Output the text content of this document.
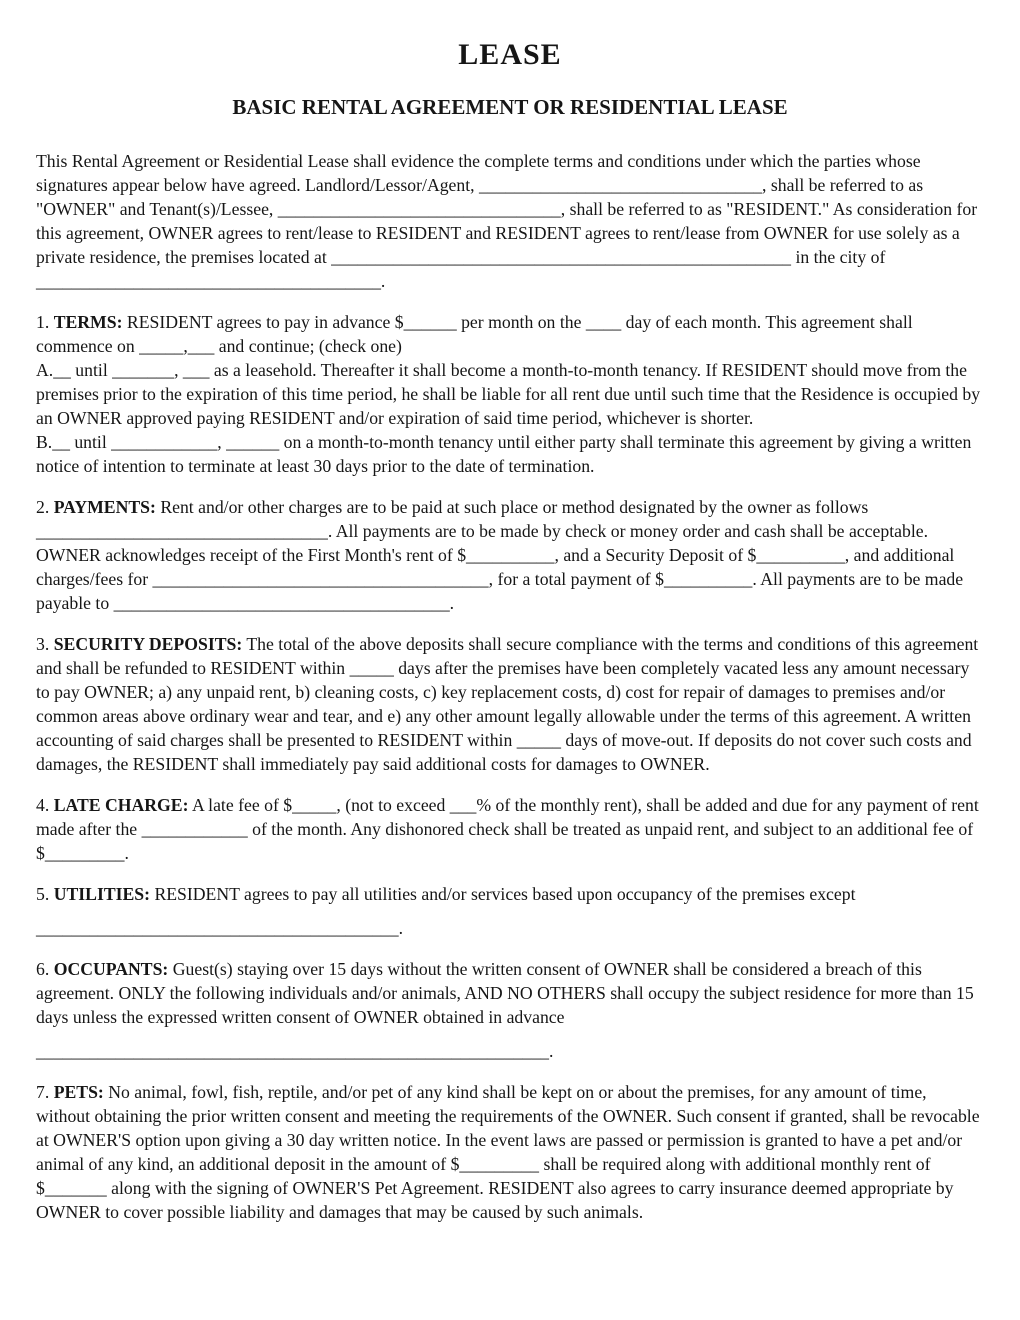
LEASE
BASIC RENTAL AGREEMENT OR RESIDENTIAL LEASE

This Rental Agreement or Residential Lease shall evidence the complete terms and conditions under which the parties whose signatures appear below have agreed. Landlord/Lessor/Agent, ________________________________, shall be referred to as "OWNER" and Tenant(s)/Lessee, ________________________________, shall be referred to as "RESIDENT." As consideration for this agreement, OWNER agrees to rent/lease to RESIDENT and RESIDENT agrees to rent/lease from OWNER for use solely as a private residence, the premises located at ____________________________________________________ in the city of _______________________________________.

1. TERMS: RESIDENT agrees to pay in advance $______ per month on the ____ day of each month. This agreement shall commence on _____,___ and continue; (check one)

A.__ until _______, ___ as a leasehold. Thereafter it shall become a month-to-month tenancy. If RESIDENT should move from the premises prior to the expiration of this time period, he shall be liable for all rent due until such time that the Residence is occupied by an OWNER approved paying RESIDENT and/or expiration of said time period, whichever is shorter.

B.__ until ____________, ______ on a month-to-month tenancy until either party shall terminate this agreement by giving a written notice of intention to terminate at least 30 days prior to the date of termination.

2. PAYMENTS: Rent and/or other charges are to be paid at such place or method designated by the owner as follows _________________________________. All payments are to be made by check or money order and cash shall be acceptable. OWNER acknowledges receipt of the First Month's rent of $__________, and a Security Deposit of $__________, and additional charges/fees for ______________________________________, for a total payment of $__________. All payments are to be made payable to ______________________________________.

3. SECURITY DEPOSITS: The total of the above deposits shall secure compliance with the terms and conditions of this agreement and shall be refunded to RESIDENT within _____ days after the premises have been completely vacated less any amount necessary to pay OWNER; a) any unpaid rent, b) cleaning costs, c) key replacement costs, d) cost for repair of damages to premises and/or common areas above ordinary wear and tear, and e) any other amount legally allowable under the terms of this agreement. A written accounting of said charges shall be presented to RESIDENT within _____ days of move-out. If deposits do not cover such costs and damages, the RESIDENT shall immediately pay said additional costs for damages to OWNER.

4. LATE CHARGE: A late fee of $_____, (not to exceed ___% of the monthly rent), shall be added and due for any payment of rent made after the ____________ of the month. Any dishonored check shall be treated as unpaid rent, and subject to an additional fee of $_________.

5. UTILITIES: RESIDENT agrees to pay all utilities and/or services based upon occupancy of the premises except

_________________________________________.

6. OCCUPANTS: Guest(s) staying over 15 days without the written consent of OWNER shall be considered a breach of this agreement. ONLY the following individuals and/or animals, AND NO OTHERS shall occupy the subject residence for more than 15 days unless the expressed written consent of OWNER obtained in advance

__________________________________________________________.

7. PETS: No animal, fowl, fish, reptile, and/or pet of any kind shall be kept on or about the premises, for any amount of time, without obtaining the prior written consent and meeting the requirements of the OWNER. Such consent if granted, shall be revocable at OWNER'S option upon giving a 30 day written notice. In the event laws are passed or permission is granted to have a pet and/or animal of any kind, an additional deposit in the amount of $_________ shall be required along with additional monthly rent of $_______ along with the signing of OWNER'S Pet Agreement. RESIDENT also agrees to carry insurance deemed appropriate by OWNER to cover possible liability and damages that may be caused by such animals.
